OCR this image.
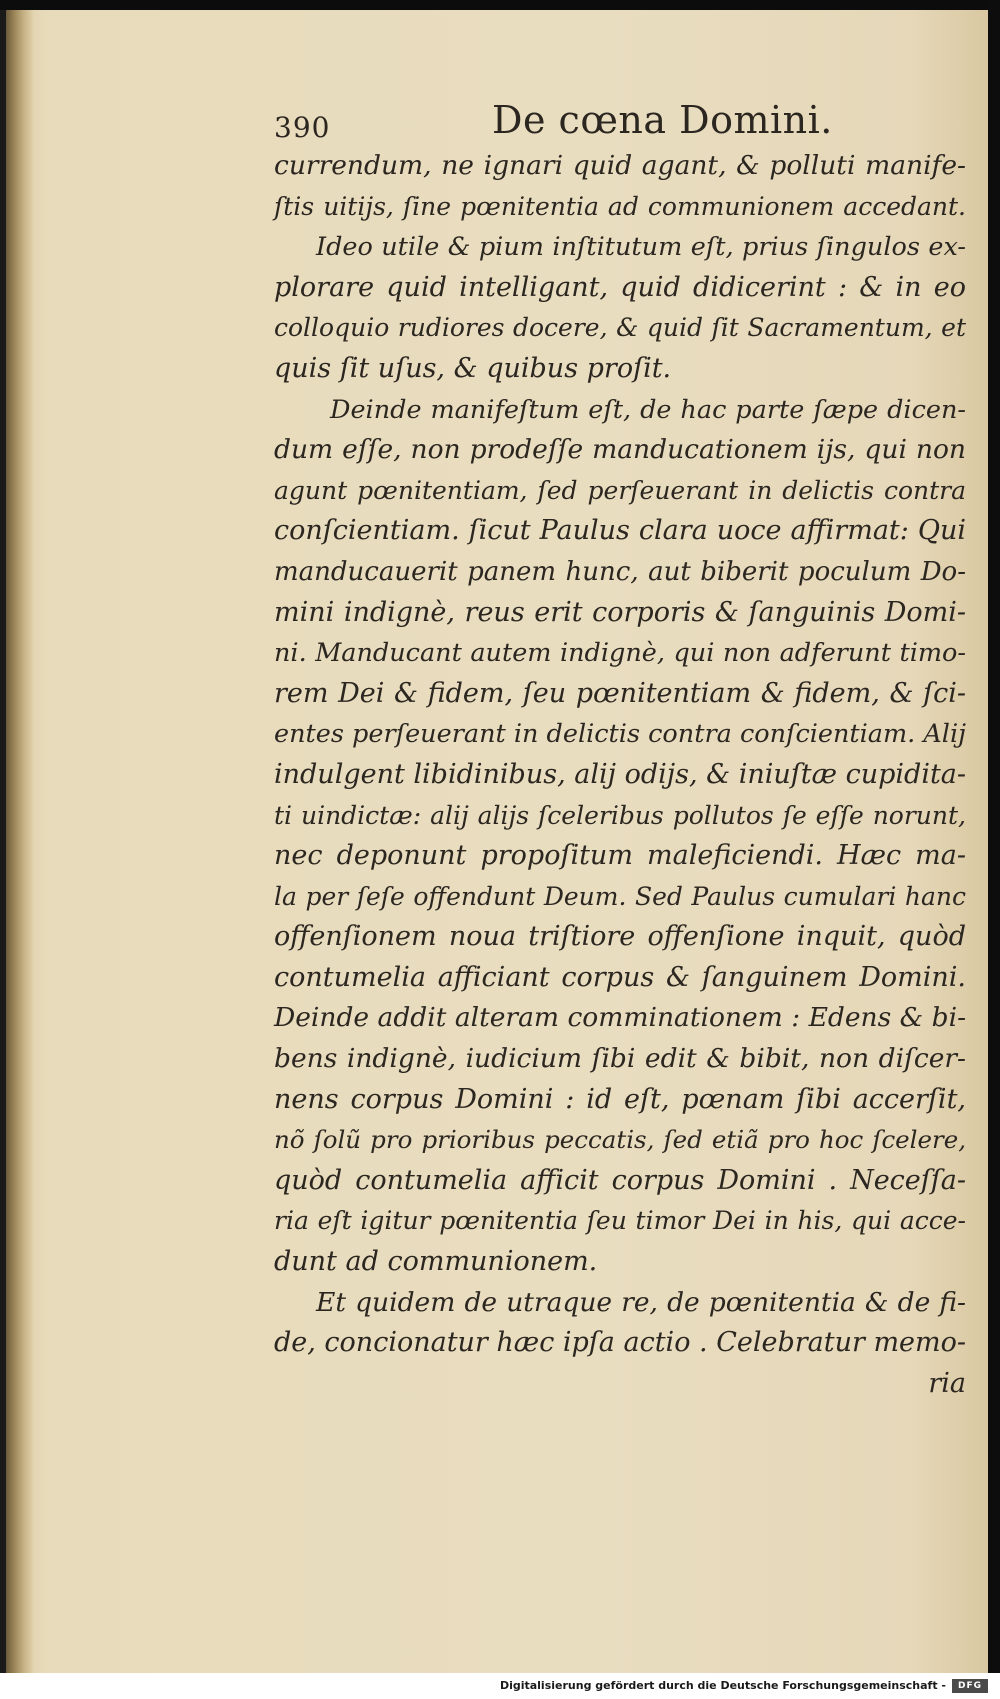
390	De cœna Domini.
currendum, ne ignari quid agant, & polluti manife-
ſtis uitijs, ſine pœnitentia ad communionem accedant.
Ideo utile & pium inſtitutum eſt, prius ſingulos ex-
plorare quid intelligant, quid didicerint : & in eo
colloquio rudiores docere, & quid ſit Sacramentum, et
quis ſit uſus, & quibus proſit.
Deinde manifeſtum eſt, de hac parte ſæpe dicen-
dum eſſe, non prodeſſe manducationem ijs, qui non
agunt pœnitentiam, ſed perſeuerant in delictis contra
conſcientiam. ſicut Paulus clara uoce affirmat: Qui
manducauerit panem hunc, aut biberit poculum Do-
mini indignè, reus erit corporis & ſanguinis Domi-
ni. Manducant autem indignè, qui non adferunt timo-
rem Dei & fidem, ſeu pœnitentiam & fidem, & ſci-
entes perſeuerant in delictis contra conſcientiam. Alij
indulgent libidinibus, alij odijs, & iniuſtæ cupidita-
ti uindictæ: alij alijs ſceleribus pollutos ſe eſſe norunt,
nec deponunt propoſitum maleficiendi. Hæc ma-
la per ſeſe offendunt Deum. Sed Paulus cumulari hanc
offenſionem noua triſtiore offenſione inquit, quòd
contumelia afficiant corpus & ſanguinem Domini.
Deinde addit alteram comminationem : Edens & bi-
bens indignè, iudicium ſibi edit & bibit, non diſcer-
nens corpus Domini : id eſt, pœnam ſibi accerſit,
nõ ſolũ pro prioribus peccatis, ſed etiã pro hoc ſcelere,
quòd contumelia afficit corpus Domini . Neceſſa-
ria eſt igitur pœnitentia ſeu timor Dei in his, qui acce-
dunt ad communionem.
Et quidem de utraque re, de pœnitentia & de fi-
de, concionatur hæc ipſa actio . Celebratur memo-
ria
Digitalisierung gefördert durch die Deutsche Forschungsgemeinschaft -	DFG
